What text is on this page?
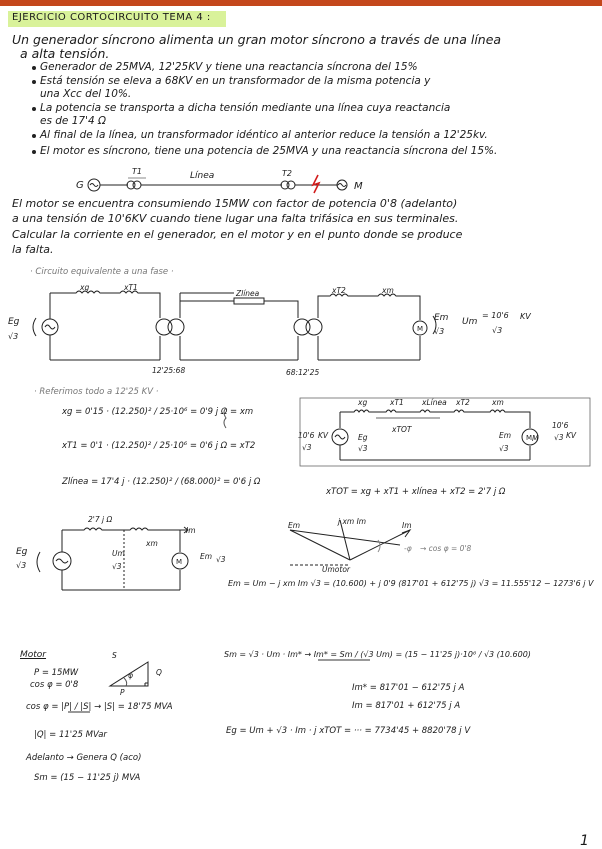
EJERCICIO CORTOCIRCUITO TEMA 4 :
Un generador síncrono alimenta un gran motor síncrono a través de una línea
a alta tensión.
Generador de 25MVA, 12'25KV y tiene una reactancia síncrona del 15%
Está tensión se eleva a 68KV en un transformador de la misma potencia y
una Xcc del 10%.
La potencia se transporta a dicha tensión mediante una línea cuya reactancia
es de 17'4 Ω
Al final de la línea, un transformador idéntico al anterior reduce la tensión a 12'25kv.
El motor es síncrono, tiene una potencia de 25MVA y una reactancia síncrona del 15%.
G
T1	Línea	T2
M
El motor se encuentra consumiendo 15MW con factor de potencia 0'8 (adelanto)
a una tensión de 10'6KV cuando tiene lugar una falta trifásica en sus terminales.
Calcular la corriente en el generador, en el motor y en el punto donde se produce
la falta.
· Circuito equivalente a una fase ·
xg	xT1
Zlínea	xT2	xm
Eg
√3
Em
√3
Um
= 10'6 KV
√3
12'25:68	68:12'25
· Referimos todo a 12'25 KV ·
xg = 0'15 · (12.250)² / 25·10⁶ = 0'9 j Ω = xm
xT1 = 0'1 · (12.250)² / 25·10⁶ = 0'6 j Ω = xT2
Zlínea = 17'4 j · (12.250)² / (68.000)² = 0'6 j Ω
xTOT = xg + xT1 + xlínea + xT2 = 2'7 j Ω
xg	xT1 xLínea xT2	xm
xTOT
10'6 KV
√3
Eg
√3
Em
√3
M
10'6
KV
√3
2'7 j Ω
Im
xm
Eg
√3
Um
√3
Em √3
Em	j xm Im	Im
Umotor
-φ → cos φ = 0'8
Em = Um − j xm Im √3 = (10.600) + j 0'9 (817'01 + 612'75 j) √3 = 11.555'12 − 1273'6 j V
Motor
P = 15MW
cos φ = 0'8
S
Q
P
φ
cos φ = |P| / |S| → |S| = 18'75 MVA
|Q| = 11'25 MVar
Adelanto → Genera Q (aco)
Sm = (15 − 11'25 j) MVA
Sm = √3 · Um · Im* → Im* = Sm / (√3 Um) = (15 − 11'25 j)·10⁶ / √3 (10.600)
Im* = 817'01 − 612'75 j A
Im = 817'01 + 612'75 j A
Eg = Um + √3 · Im · j xTOT = ··· = 7734'45 + 8820'78 j V
1
M
M
M
